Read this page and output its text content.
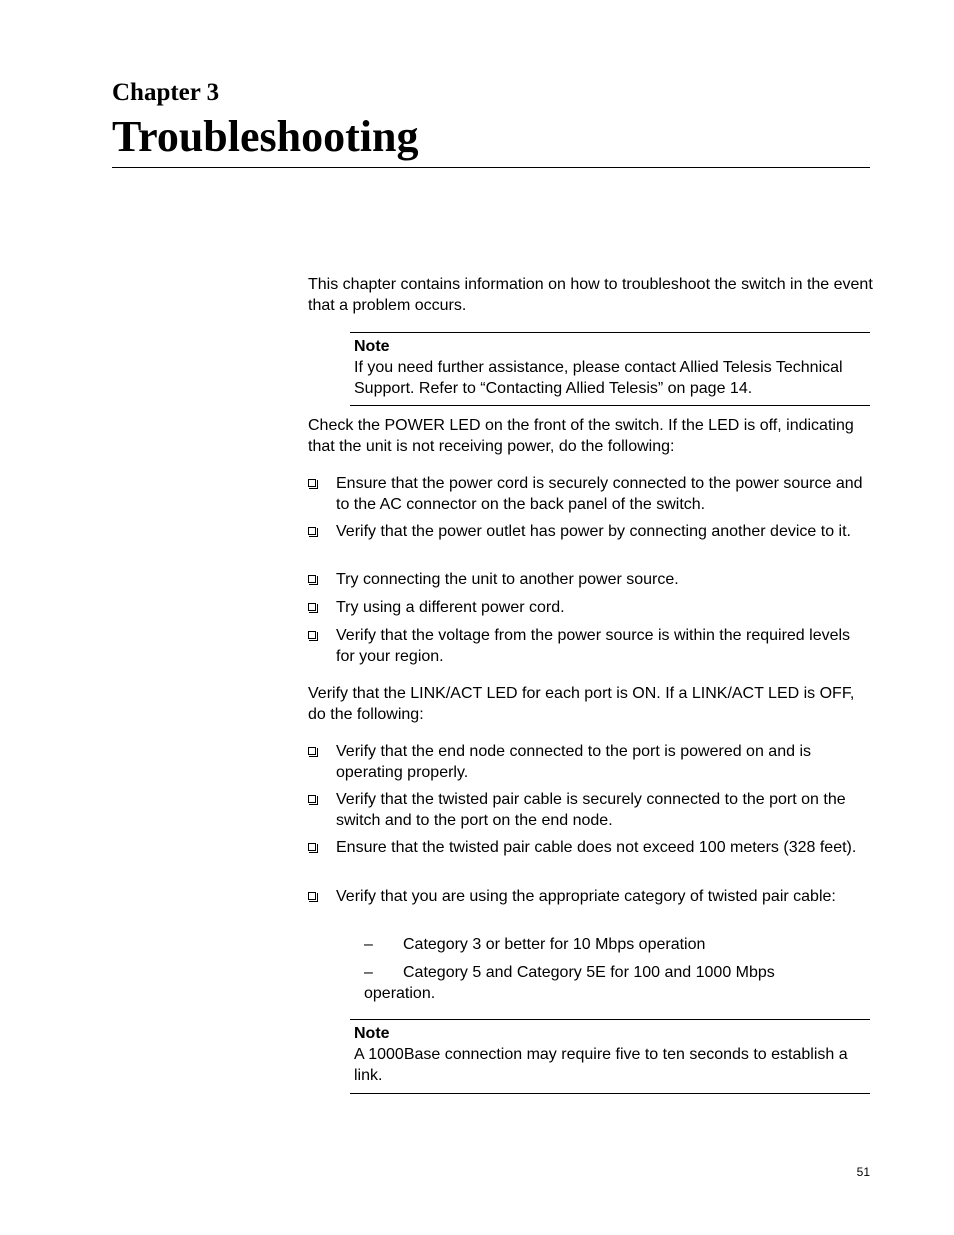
Chapter 3
Troubleshooting

This chapter contains information on how to troubleshoot the switch in the event that a problem occurs.

Note

If you need further assistance, please contact Allied Telesis Technical Support. Refer to “Contacting Allied Telesis” on page 14.

Check the POWER LED on the front of the switch. If the LED is off, indicating that the unit is not receiving power, do the following:

Ensure that the power cord is securely connected to the power source and to the AC connector on the back panel of the switch.

Verify that the power outlet has power by connecting another device to it.

Try connecting the unit to another power source.

Try using a different power cord.

Verify that the voltage from the power source is within the required levels for your region.

Verify that the LINK/ACT LED for each port is ON. If a LINK/ACT LED is OFF, do the following:

Verify that the end node connected to the port is powered on and is operating properly.

Verify that the twisted pair cable is securely connected to the port on the switch and to the port on the end node.

Ensure that the twisted pair cable does not exceed 100 meters (328 feet).

Verify that you are using the appropriate category of twisted pair cable:

–	Category 3 or better for 10 Mbps operation

–	Category 5 and Category 5E for 100 and 1000 Mbps operation.

Note

A 1000Base connection may require five to ten seconds to establish a link.

51
